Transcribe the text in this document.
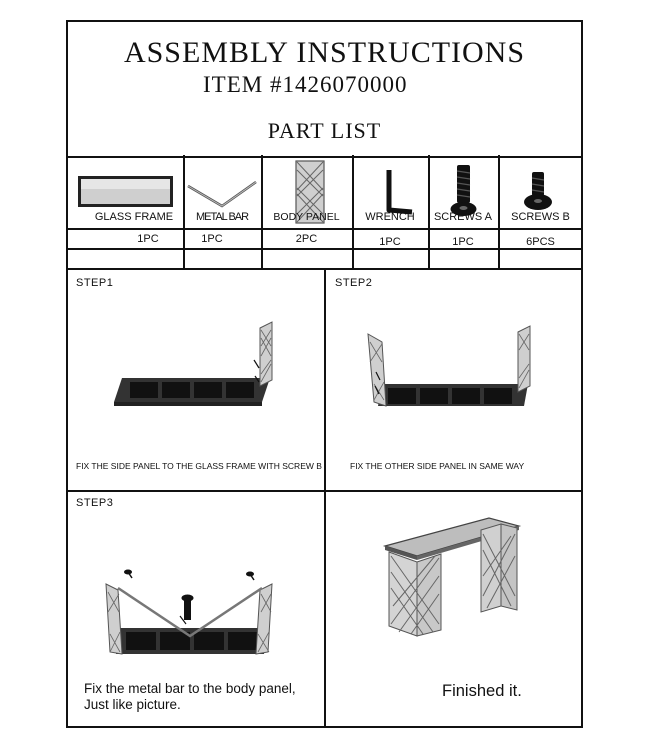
ASSEMBLY INSTRUCTIONS
ITEM #1426070000
PART LIST
GLASS FRAME	METAL BAR	BODY PANEL	WRENCH	SCREWS A	SCREWS B
1PC	1PC	2PC	1PC	1PC	6PCS
STEP1
FIX THE SIDE PANEL TO THE GLASS FRAME WITH SCREW B
STEP2
FIX THE OTHER SIDE PANEL IN SAME WAY
STEP3
Fix the metal bar to the body panel,
Just like picture.
Finished it.
